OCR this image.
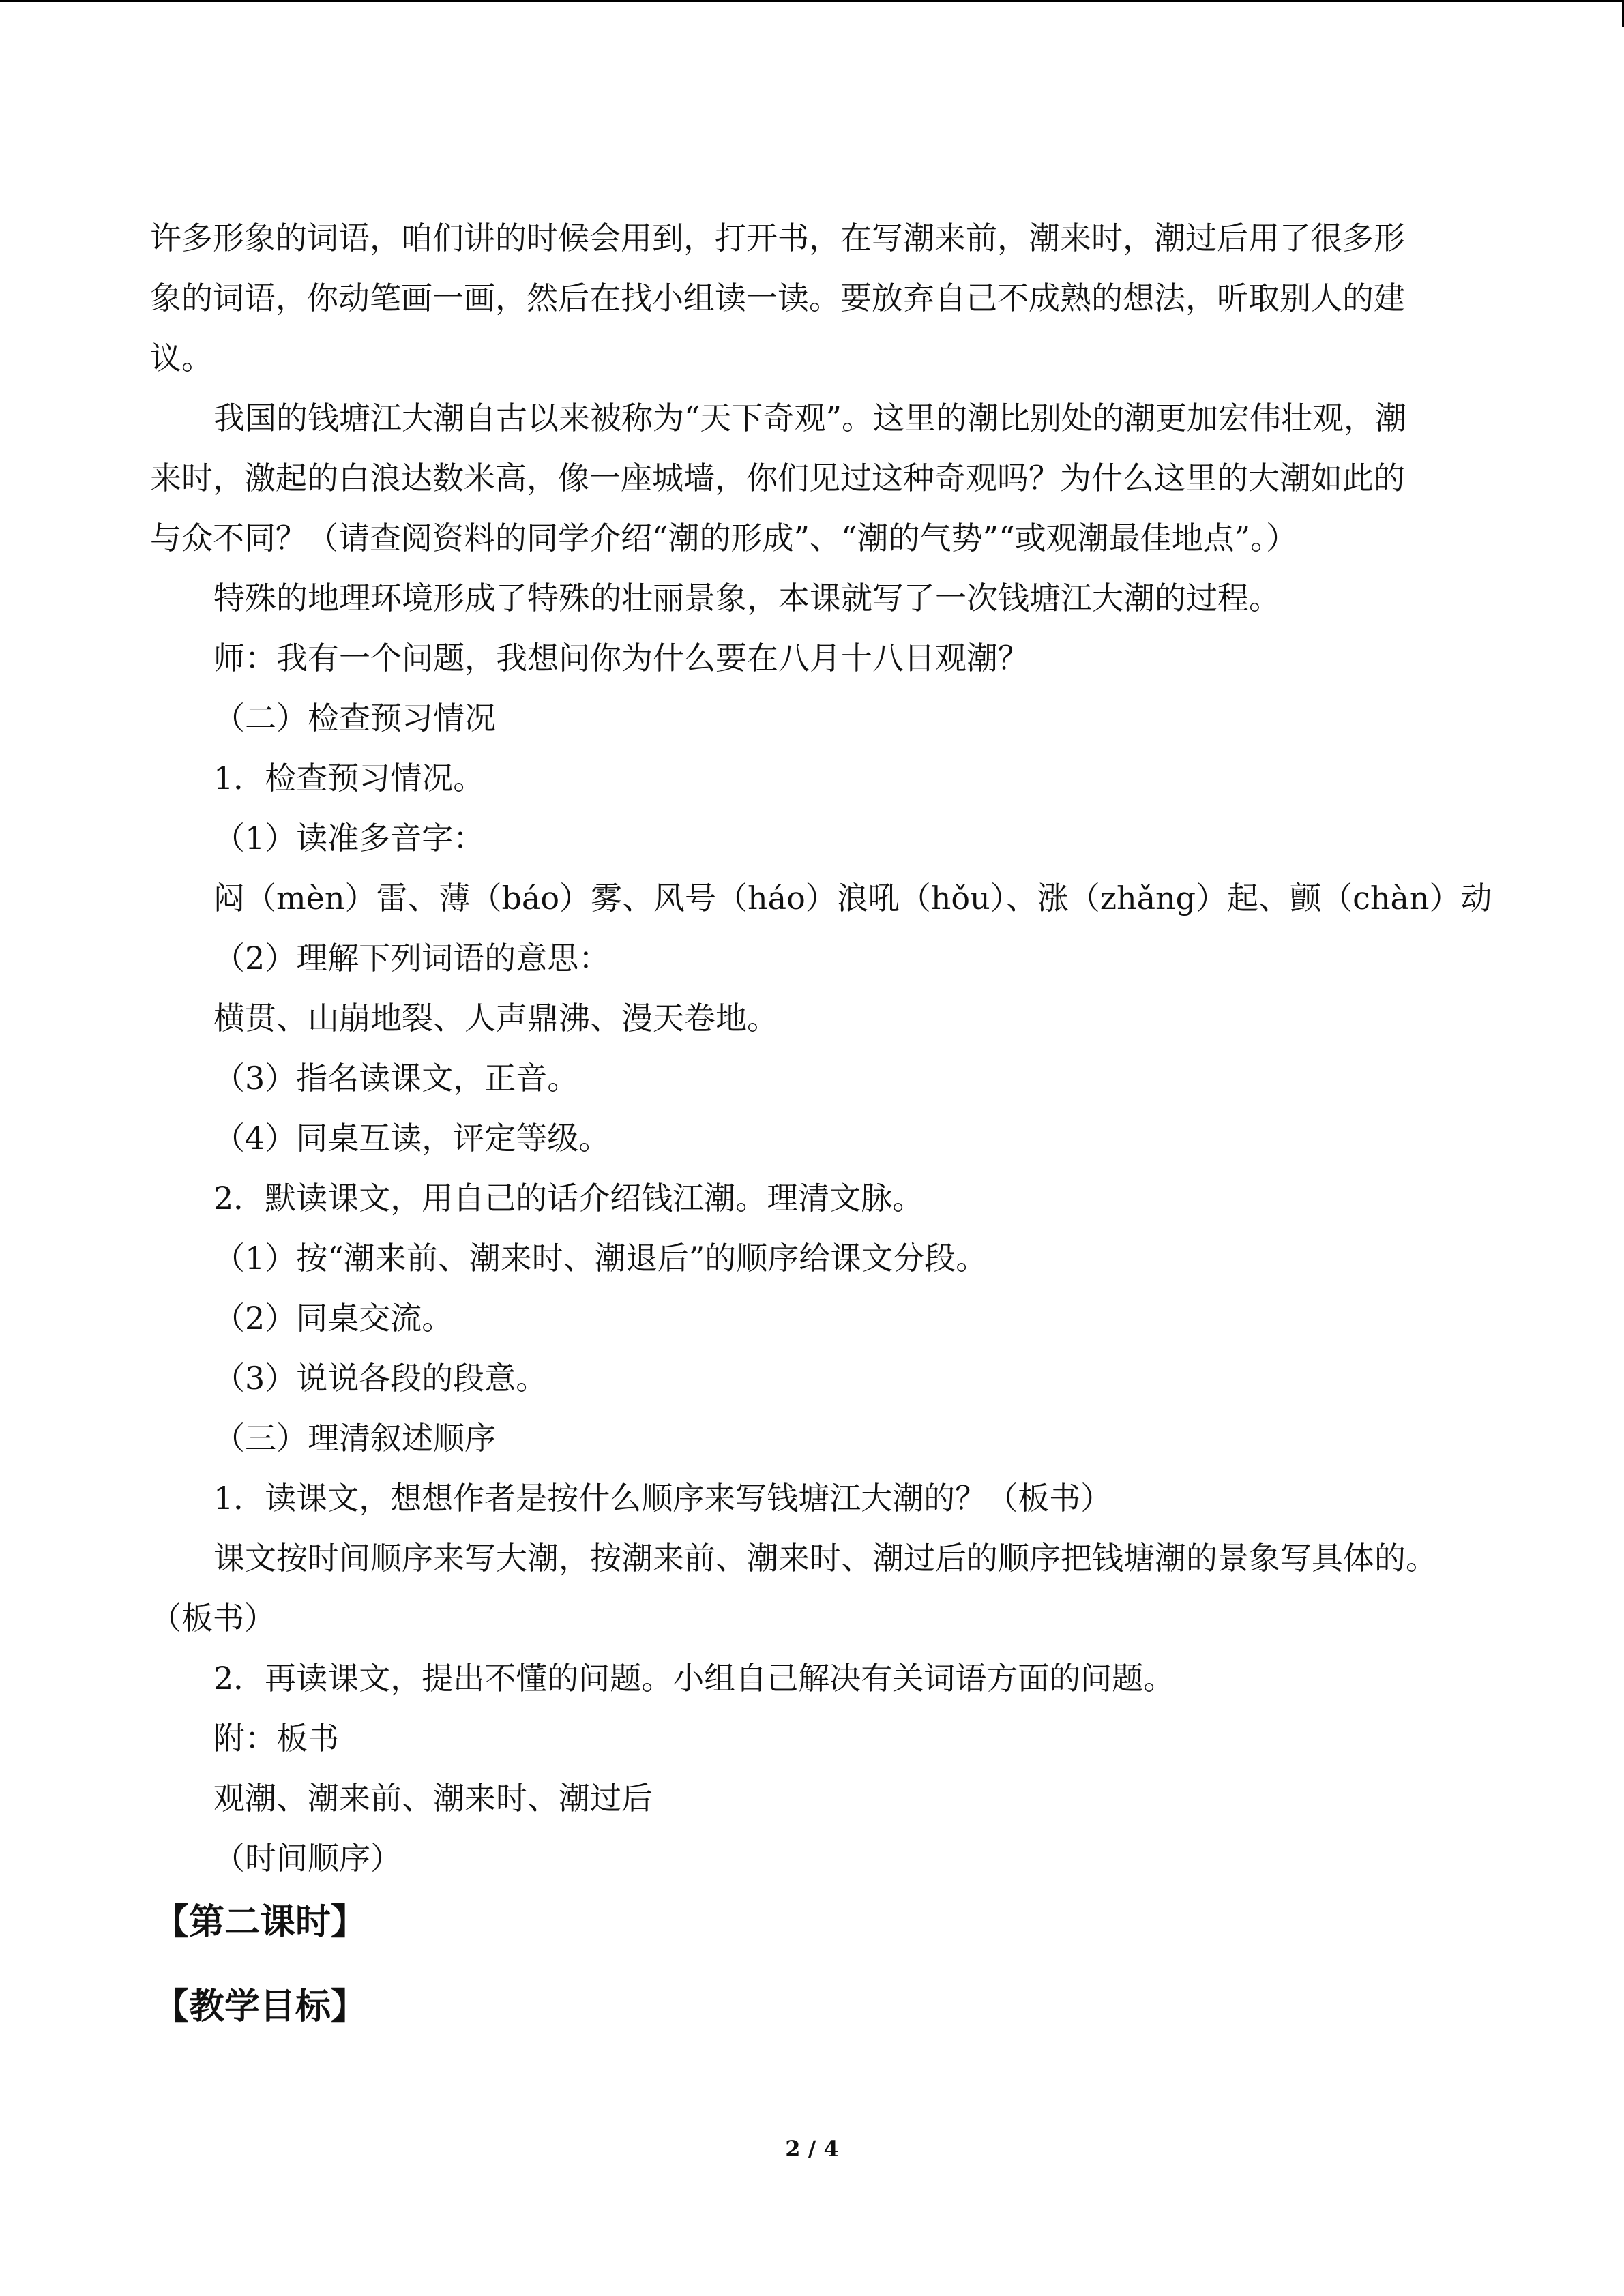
许多形象的词语，咱们讲的时候会用到，打开书，在写潮来前，潮来时，潮过后用了很多形

象的词语，你动笔画一画，然后在找小组读一读。要放弃自己不成熟的想法，听取别人的建

议。

我国的钱塘江大潮自古以来被称为“天下奇观”。这里的潮比别处的潮更加宏伟壮观，潮

来时，激起的白浪达数米高，像一座城墙，你们见过这种奇观吗？为什么这里的大潮如此的

与众不同？（请查阅资料的同学介绍“潮的形成”、“潮的气势”“或观潮最佳地点”。）

特殊的地理环境形成了特殊的壮丽景象，本课就写了一次钱塘江大潮的过程。

师：我有一个问题，我想问你为什么要在八月十八日观潮？

（二）检查预习情况

1．检查预习情况。

（1）读准多音字：

闷（mèn）雷、薄（báo）雾、风号（háo）浪吼（hǒu）、涨（zhǎng）起、颤（chàn）动

（2）理解下列词语的意思：

横贯、山崩地裂、人声鼎沸、漫天卷地。

（3）指名读课文，正音。

（4）同桌互读，评定等级。

2．默读课文，用自己的话介绍钱江潮。理清文脉。

（1）按“潮来前、潮来时、潮退后”的顺序给课文分段。

（2）同桌交流。

（3）说说各段的段意。

（三）理清叙述顺序

1．读课文，想想作者是按什么顺序来写钱塘江大潮的？（板书）

课文按时间顺序来写大潮，按潮来前、潮来时、潮过后的顺序把钱塘潮的景象写具体的。

（板书）

2．再读课文，提出不懂的问题。小组自己解决有关词语方面的问题。

附：板书

观潮、潮来前、潮来时、潮过后

（时间顺序）

【第二课时】
【教学目标】
2 / 4
